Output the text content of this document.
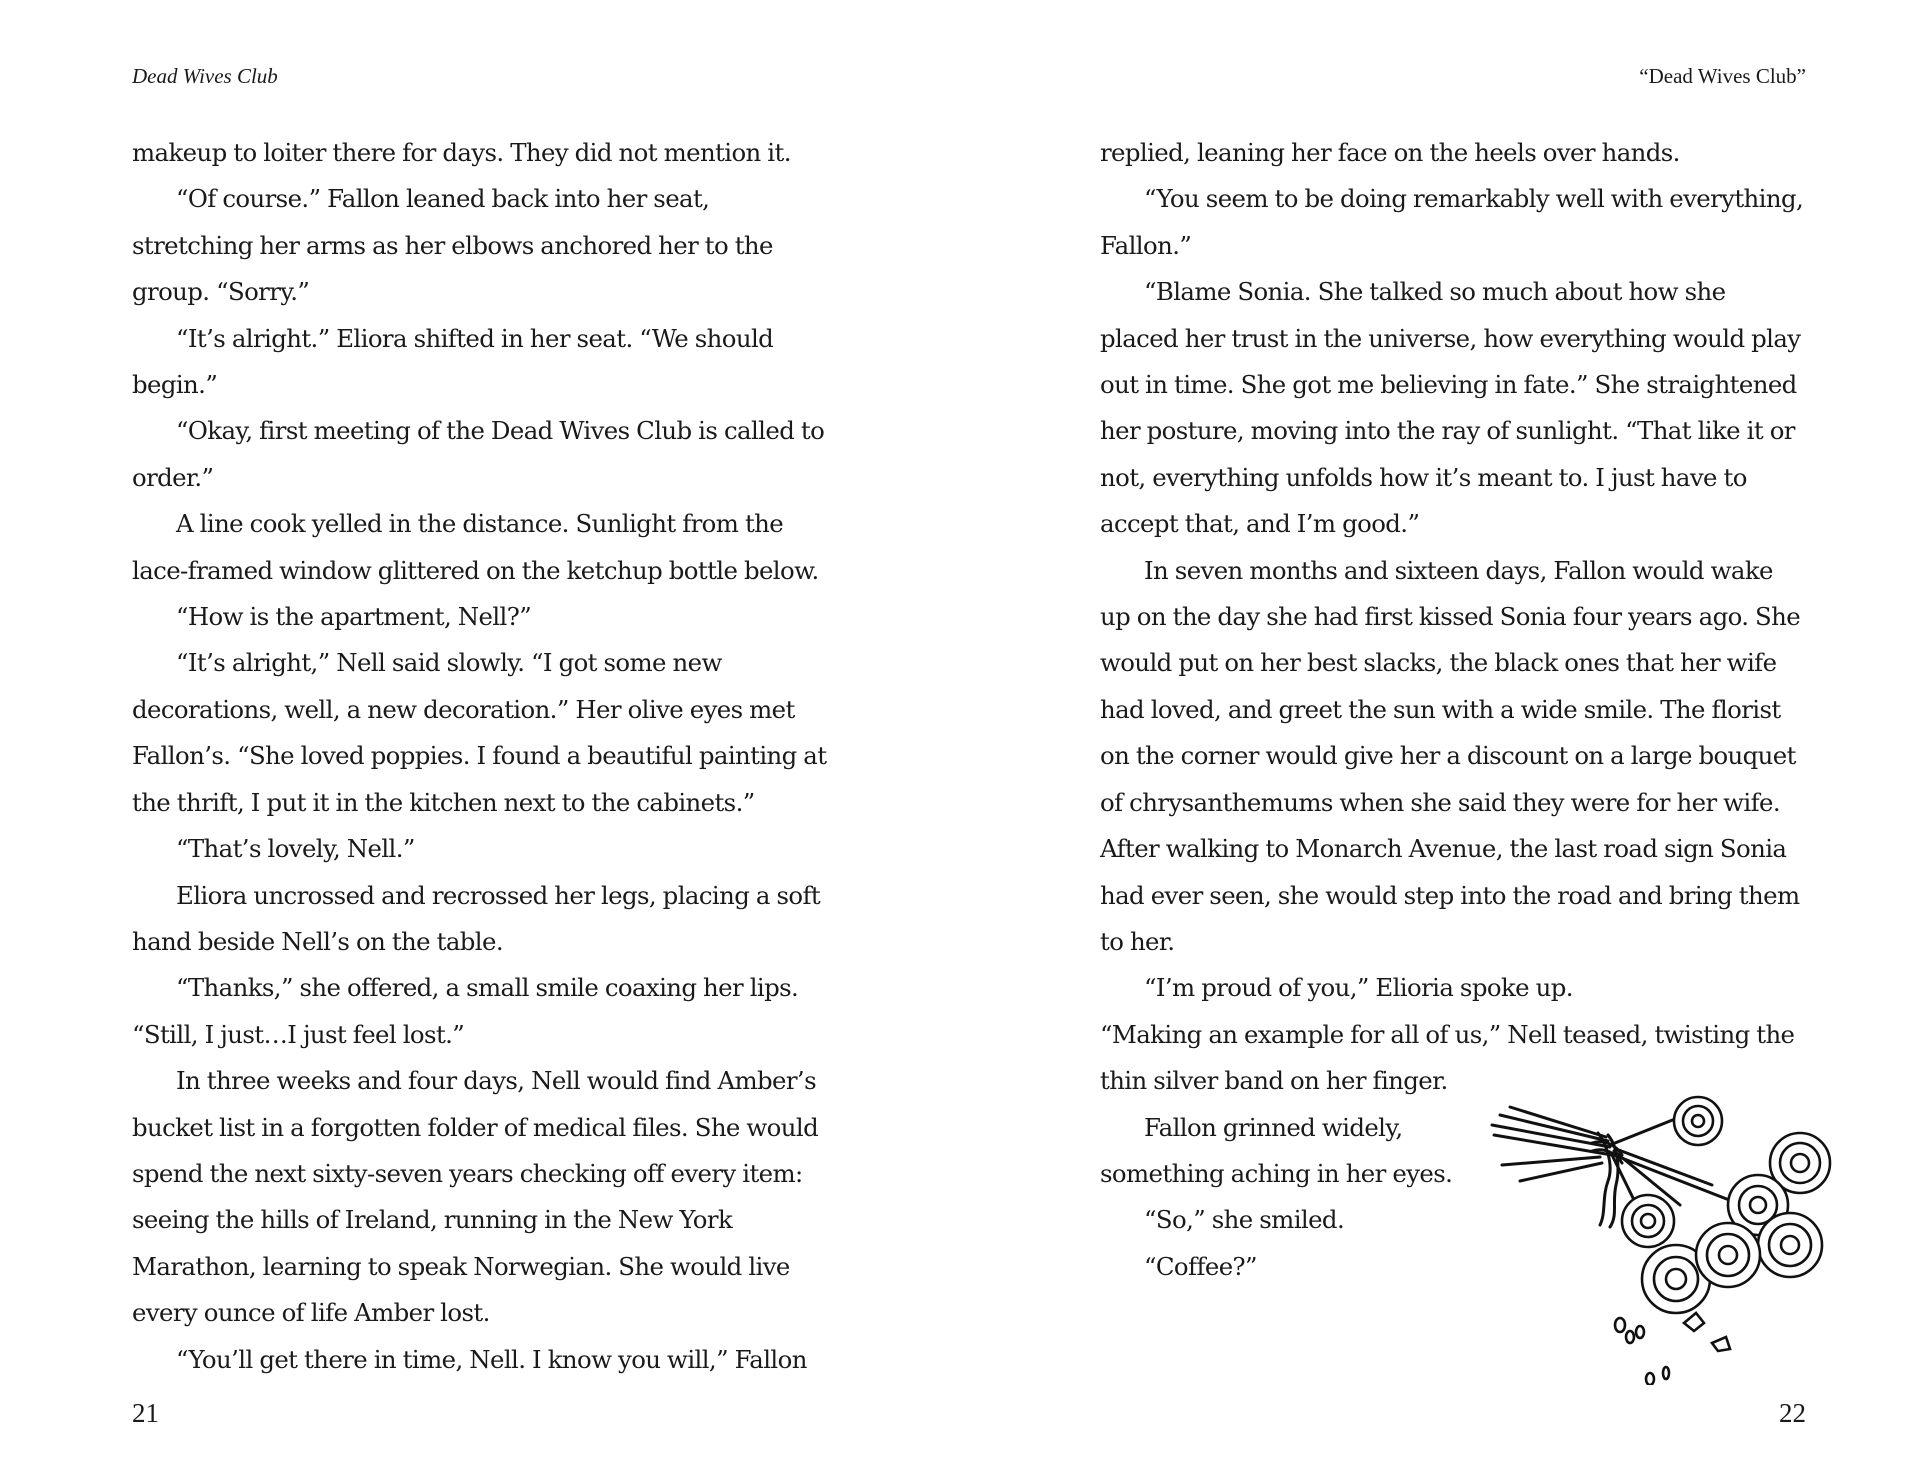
Dead Wives Club

makeup to loiter there for days. They did not mention it.

“Of course.” Fallon leaned back into her seat, stretching her arms as her elbows anchored her to the group. “Sorry.”

“It’s alright.” Eliora shifted in her seat. “We should begin.”

“Okay, first meeting of the Dead Wives Club is called to order.”

A line cook yelled in the distance. Sunlight from the lace-framed window glittered on the ketchup bottle below.

“How is the apartment, Nell?”

“It’s alright,” Nell said slowly. “I got some new decorations, well, a new decoration.” Her olive eyes met Fallon’s. “She loved poppies. I found a beautiful painting at the thrift, I put it in the kitchen next to the cabinets.”

“That’s lovely, Nell.”

Eliora uncrossed and recrossed her legs, placing a soft hand beside Nell’s on the table.

“Thanks,” she offered, a small smile coaxing her lips. “Still, I just…I just feel lost.”

In three weeks and four days, Nell would find Amber’s bucket list in a forgotten folder of medical files. She would spend the next sixty-seven years checking off every item: seeing the hills of Ireland, running in the New York Marathon, learning to speak Norwegian. She would live every ounce of life Amber lost.

“You’ll get there in time, Nell. I know you will,” Fallon

21
“Dead Wives Club”

replied, leaning her face on the heels over hands.

“You seem to be doing remarkably well with everything, Fallon.”

“Blame Sonia. She talked so much about how she placed her trust in the universe, how everything would play out in time. She got me believing in fate.” She straightened her posture, moving into the ray of sunlight. “That like it or not, everything unfolds how it’s meant to. I just have to accept that, and I’m good.”

In seven months and sixteen days, Fallon would wake up on the day she had first kissed Sonia four years ago. She would put on her best slacks, the black ones that her wife had loved, and greet the sun with a wide smile. The florist on the corner would give her a discount on a large bouquet of chrysanthemums when she said they were for her wife. After walking to Monarch Avenue, the last road sign Sonia had ever seen, she would step into the road and bring them to her.

“I’m proud of you,” Elioria spoke up.

“Making an example for all of us,” Nell teased, twisting the thin silver band on her finger.

Fallon grinned widely,

something aching in her eyes.

“So,” she smiled.

“Coffee?”

22
